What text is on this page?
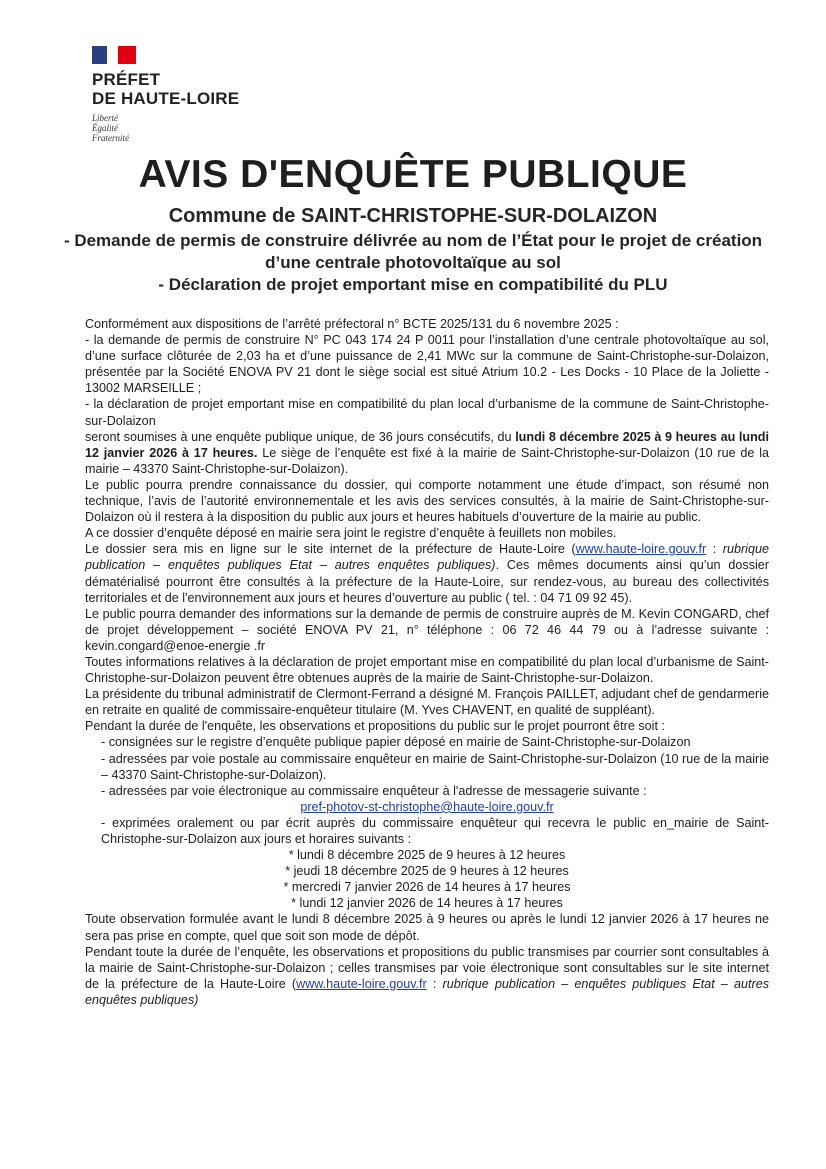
PRÉFET
DE HAUTE-LOIRE
Liberté
Égalité
Fraternité
AVIS D'ENQUÊTE PUBLIQUE
Commune de SAINT-CHRISTOPHE-SUR-DOLAIZON
- Demande de permis de construire délivrée au nom de l’État pour le projet de création d’une centrale photovoltaïque au sol
- Déclaration de projet emportant mise en compatibilité du PLU

Conformément aux dispositions de l’arrêté préfectoral n° BCTE 2025/131 du 6 novembre 2025 :

- la demande de permis de construire N° PC 043 174 24 P 0011 pour l’installation d’une centrale photovoltaïque au sol, d’une surface clôturée de 2,03 ha et d’une puissance de 2,41 MWc sur la commune de Saint-Christophe-sur-Dolaizon, présentée par la Société ENOVA PV 21 dont le siège social est situé Atrium 10.2 - Les Docks - 10 Place de la Joliette - 13002 MARSEILLE ;

- la déclaration de projet emportant mise en compatibilité du plan local d’urbanisme de la commune de Saint-Christophe-sur-Dolaizon

seront soumises à une enquête publique unique, de 36 jours consécutifs, du lundi 8 décembre 2025 à 9 heures au lundi 12 janvier 2026 à 17 heures. Le siège de l’enquête est fixé à la mairie de Saint-Christophe-sur-Dolaizon (10 rue de la mairie – 43370 Saint-Christophe-sur-Dolaizon).

Le public pourra prendre connaissance du dossier, qui comporte notamment une étude d’impact, son résumé non technique, l’avis de l’autorité environnementale et les avis des services consultés, à la mairie de Saint-Christophe-sur-Dolaizon où il restera à la disposition du public aux jours et heures habituels d’ouverture de la mairie au public.

A ce dossier d’enquête déposé en mairie sera joint le registre d’enquête à feuillets non mobiles.

Le dossier sera mis en ligne sur le site internet de la préfecture de Haute-Loire (www.haute-loire.gouv.fr : rubrique publication – enquêtes publiques Etat – autres enquêtes publiques). Ces mêmes documents ainsi qu’un dossier dématérialisé pourront être consultés à la préfecture de la Haute-Loire, sur rendez-vous, au bureau des collectivités territoriales et de l'environnement aux jours et heures d’ouverture au public ( tel. : 04 71 09 92 45).

Le public pourra demander des informations sur la demande de permis de construire auprès de M. Kevin CONGARD, chef de projet développement – société ENOVA PV 21, n° téléphone : 06 72 46 44 79 ou à l’adresse suivante : kevin.congard@enoe-energie .fr

Toutes informations relatives à la déclaration de projet emportant mise en compatibilité du plan local d’urbanisme de Saint-Christophe-sur-Dolaizon peuvent être obtenues auprès de la mairie de Saint-Christophe-sur-Dolaizon.

La présidente du tribunal administratif de Clermont-Ferrand a désigné M. François PAILLET, adjudant chef de gendarmerie en retraite en qualité de commissaire-enquêteur titulaire (M. Yves CHAVENT, en qualité de suppléant).

Pendant la durée de l'enquête, les observations et propositions du public sur le projet pourront être soit :

- consignées sur le registre d’enquête publique papier déposé en mairie de Saint-Christophe-sur-Dolaizon

- adressées par voie postale au commissaire enquêteur en mairie de Saint-Christophe-sur-Dolaizon (10 rue de la mairie – 43370 Saint-Christophe-sur-Dolaizon).

- adressées par voie électronique au commissaire enquêteur à l'adresse de messagerie suivante :

pref-photov-st-christophe@haute-loire.gouv.fr

- exprimées oralement ou par écrit auprès du commissaire enquêteur qui recevra le public en_mairie de Saint-Christophe-sur-Dolaizon aux jours et horaires suivants :

* lundi 8 décembre 2025 de 9 heures à 12 heures

* jeudi 18 décembre 2025 de 9 heures à 12 heures

* mercredi 7 janvier 2026 de 14 heures à 17 heures

* lundi 12 janvier 2026 de 14 heures à 17 heures

Toute observation formulée avant le lundi 8 décembre 2025 à 9 heures ou après le lundi 12 janvier 2026 à 17 heures ne sera pas prise en compte, quel que soit son mode de dépôt.

Pendant toute la durée de l’enquête, les observations et propositions du public transmises par courrier sont consultables à la mairie de Saint-Christophe-sur-Dolaizon ; celles transmises par voie électronique sont consultables sur le site internet de la préfecture de la Haute-Loire (www.haute-loire.gouv.fr : rubrique publication – enquêtes publiques Etat – autres enquêtes publiques)
